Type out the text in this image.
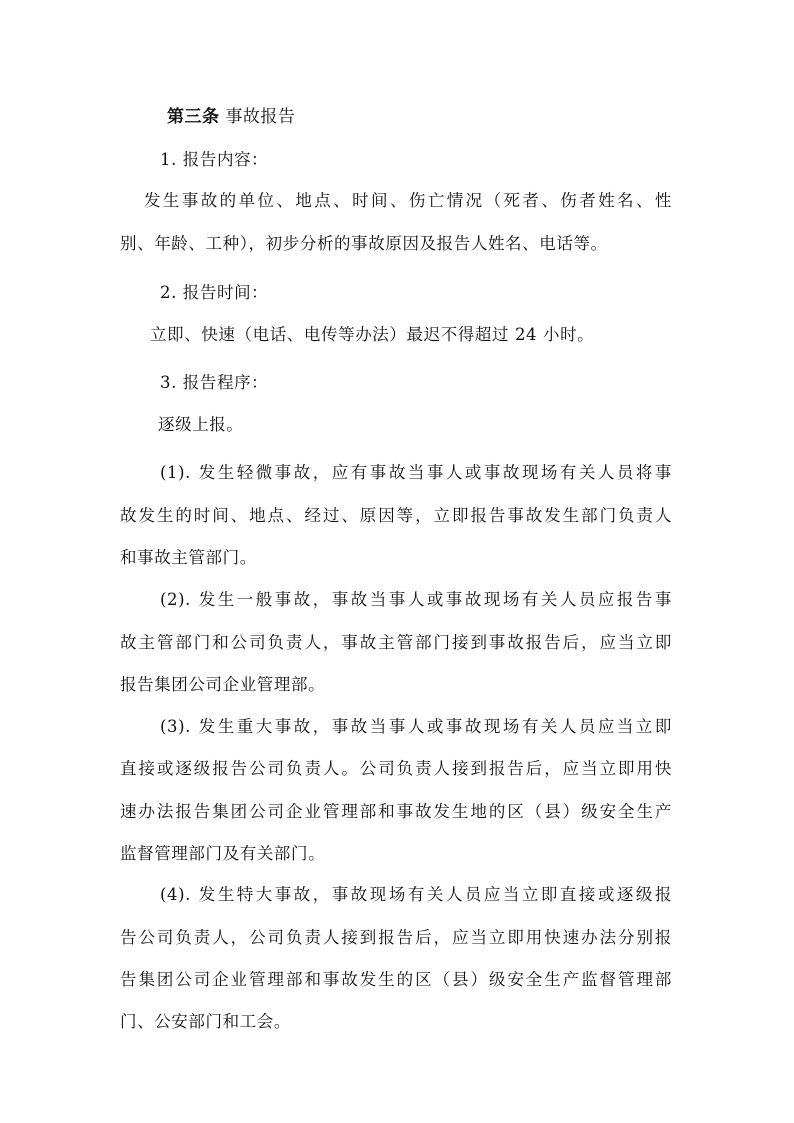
第三条 事故报告
1. 报告内容：
发生事故的单位、地点、时间、伤亡情况（死者、伤者姓名、性
别、年龄、工种），初步分析的事故原因及报告人姓名、电话等。
2. 报告时间：
立即、快速（电话、电传等办法）最迟不得超过 24 小时。
3. 报告程序：
逐级上报。
(1). 发生轻微事故，应有事故当事人或事故现场有关人员将事
故发生的时间、地点、经过、原因等，立即报告事故发生部门负责人
和事故主管部门。
(2). 发生一般事故，事故当事人或事故现场有关人员应报告事
故主管部门和公司负责人，事故主管部门接到事故报告后，应当立即
报告集团公司企业管理部。
(3). 发生重大事故，事故当事人或事故现场有关人员应当立即
直接或逐级报告公司负责人。公司负责人接到报告后，应当立即用快
速办法报告集团公司企业管理部和事故发生地的区（县）级安全生产
监督管理部门及有关部门。
(4). 发生特大事故，事故现场有关人员应当立即直接或逐级报
告公司负责人，公司负责人接到报告后，应当立即用快速办法分别报
告集团公司企业管理部和事故发生的区（县）级安全生产监督管理部
门、公安部门和工会。
